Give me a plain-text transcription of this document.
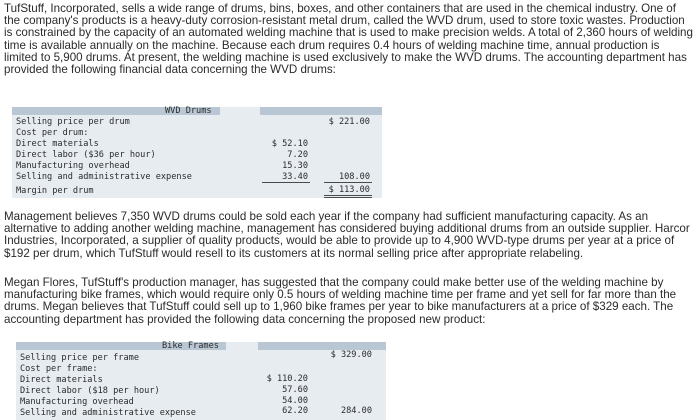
TufStuff, Incorporated, sells a wide range of drums, bins, boxes, and other containers that are used in the chemical industry. One of the company's products is a heavy-duty corrosion-resistant metal drum, called the WVD drum, used to store toxic wastes. Production is constrained by the capacity of an automated welding machine that is used to make precision welds. A total of 2,360 hours of welding time is available annually on the machine. Because each drum requires 0.4 hours of welding machine time, annual production is limited to 5,900 drums. At present, the welding machine is used exclusively to make the WVD drums. The accounting department has provided the following financial data concerning the WVD drums:

WVD Drums
Selling price per drum	$ 221.00
Cost per drum:
Direct materials	$ 52.10
Direct labor ($36 per hour)	7.20
Manufacturing overhead	15.30
Selling and administrative expense	33.40	108.00
Margin per drum	$ 113.00

Management believes 7,350 WVD drums could be sold each year if the company had sufficient manufacturing capacity. As an alternative to adding another welding machine, management has considered buying additional drums from an outside supplier. Harcor Industries, Incorporated, a supplier of quality products, would be able to provide up to 4,900 WVD-type drums per year at a price of $192 per drum, which TufStuff would resell to its customers at its normal selling price after appropriate relabeling.

Megan Flores, TufStuff's production manager, has suggested that the company could make better use of the welding machine by manufacturing bike frames, which would require only 0.5 hours of welding machine time per frame and yet sell for far more than the drums. Megan believes that TufStuff could sell up to 1,960 bike frames per year to bike manufacturers at a price of $329 each. The accounting department has provided the following data concerning the proposed new product:

Bike Frames
Selling price per frame	$ 329.00
Cost per frame:
Direct materials	$ 110.20
Direct labor ($18 per hour)	57.60
Manufacturing overhead	54.00
Selling and administrative expense	62.20	284.00
